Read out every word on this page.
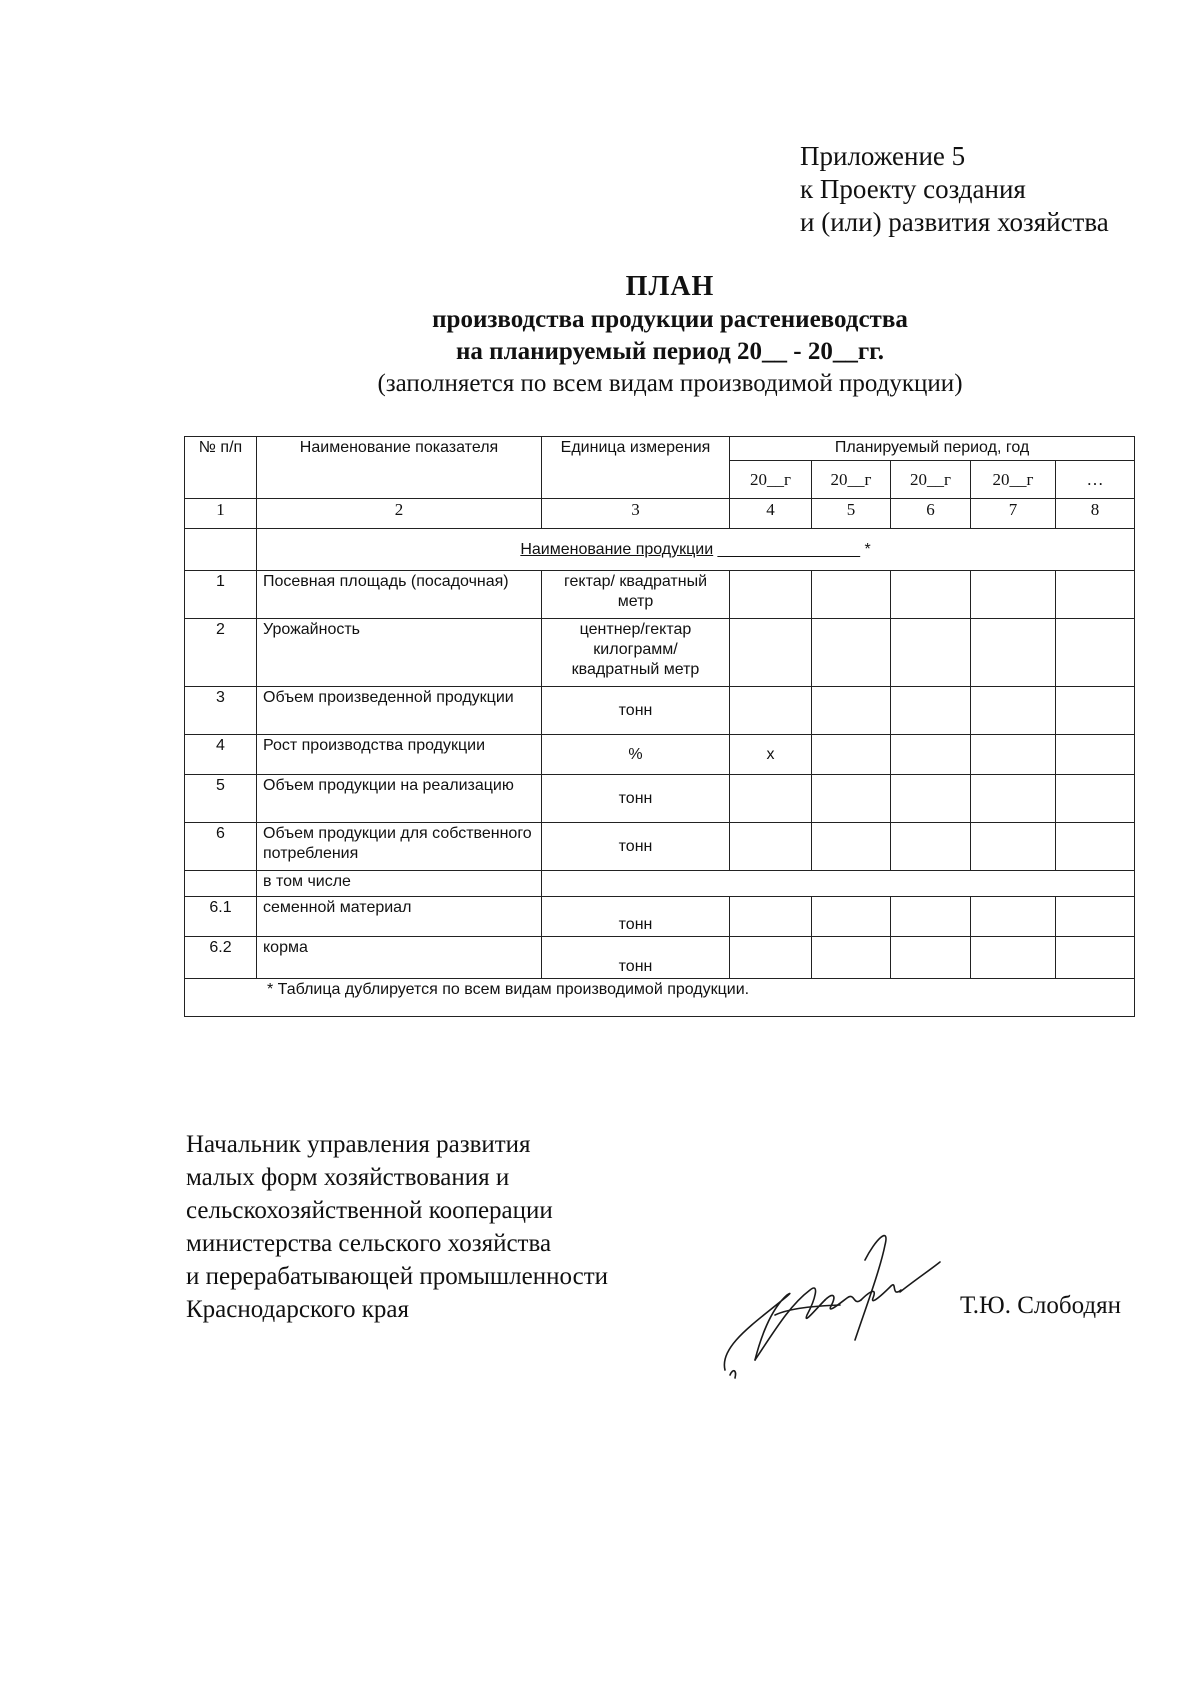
Приложение 5
к Проекту создания
и (или) развития хозяйства
ПЛАН
производства продукции растениеводства
на планируемый период 20__ - 20__гг.
(заполняется по всем видам производимой продукции)
№ п/п	Наименование показателя	Единица измерения	Планируемый период, год				
			20__г	20__г	20__г	20__г	…
1	2	3	4	5	6	7	8
	Наименование продукции ________________ *						
1	Посевная площадь (посадочная)	гектар/ квадратный метр					
2	Урожайность	центнер/гектар килограмм/ квадратный метр					
3	Объем произведенной продукции	тонн					
4	Рост производства продукции	%	х				
5	Объем продукции на реализацию	тонн					
6	Объем продукции для собственного потребления	тонн					
	в том числе						
6.1	семенной материал	тонн					
6.2	корма	тонн					
* Таблица дублируется по всем видам производимой продукции.							
Начальник управления развития
малых форм хозяйствования и
сельскохозяйственной кооперации
министерства сельского хозяйства
и перерабатывающей промышленности
Краснодарского края	Т.Ю. Слободян
